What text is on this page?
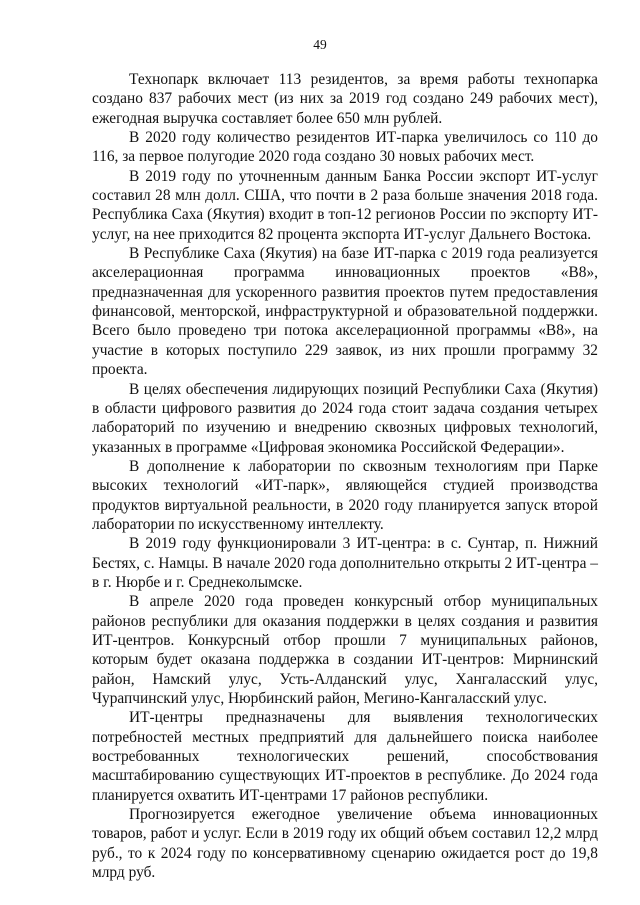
49

Технопарк включает 113 резидентов, за время работы технопарка создано 837 рабочих мест (из них за 2019 год создано 249 рабочих мест), ежегодная выручка составляет более 650 млн рублей.

В 2020 году количество резидентов ИТ-парка увеличилось со 110 до 116, за первое полугодие 2020 года создано 30 новых рабочих мест.

В 2019 году по уточненным данным Банка России экспорт ИТ-услуг составил 28 млн долл. США, что почти в 2 раза больше значения 2018 года. Республика Саха (Якутия) входит в топ-12 регионов России по экспорту ИТ-услуг, на нее приходится 82 процента экспорта ИТ-услуг Дальнего Востока.

В Республике Саха (Якутия) на базе ИТ-парка с 2019 года реализуется акселерационная программа инновационных проектов «B8», предназначенная для ускоренного развития проектов путем предоставления финансовой, менторской, инфраструктурной и образовательной поддержки. Всего было проведено три потока акселерационной программы «B8», на участие в которых поступило 229 заявок, из них прошли программу 32 проекта.

В целях обеспечения лидирующих позиций Республики Саха (Якутия) в области цифрового развития до 2024 года стоит задача создания четырех лабораторий по изучению и внедрению сквозных цифровых технологий, указанных в программе «Цифровая экономика Российской Федерации».

В дополнение к лаборатории по сквозным технологиям при Парке высоких технологий «ИТ-парк», являющейся студией производства продуктов виртуальной реальности, в 2020 году планируется запуск второй лаборатории по искусственному интеллекту.

В 2019 году функционировали 3 ИТ-центра: в с. Сунтар, п. Нижний Бестях, с. Намцы. В начале 2020 года дополнительно открыты 2 ИТ-центра – в г. Нюрбе и г. Среднеколымске.

В апреле 2020 года проведен конкурсный отбор муниципальных районов республики для оказания поддержки в целях создания и развития ИТ-центров. Конкурсный отбор прошли 7 муниципальных районов, которым будет оказана поддержка в создании ИТ-центров: Мирнинский район, Намский улус, Усть-Алданский улус, Хангаласский улус, Чурапчинский улус, Нюрбинский район, Мегино-Кангаласский улус.

ИТ-центры предназначены для выявления технологических потребностей местных предприятий для дальнейшего поиска наиболее востребованных технологических решений, способствования масштабированию существующих ИТ-проектов в республике. До 2024 года планируется охватить ИТ-центрами 17 районов республики.

Прогнозируется ежегодное увеличение объема инновационных товаров, работ и услуг. Если в 2019 году их общий объем составил 12,2 млрд руб., то к 2024 году по консервативному сценарию ожидается рост до 19,8 млрд руб.
